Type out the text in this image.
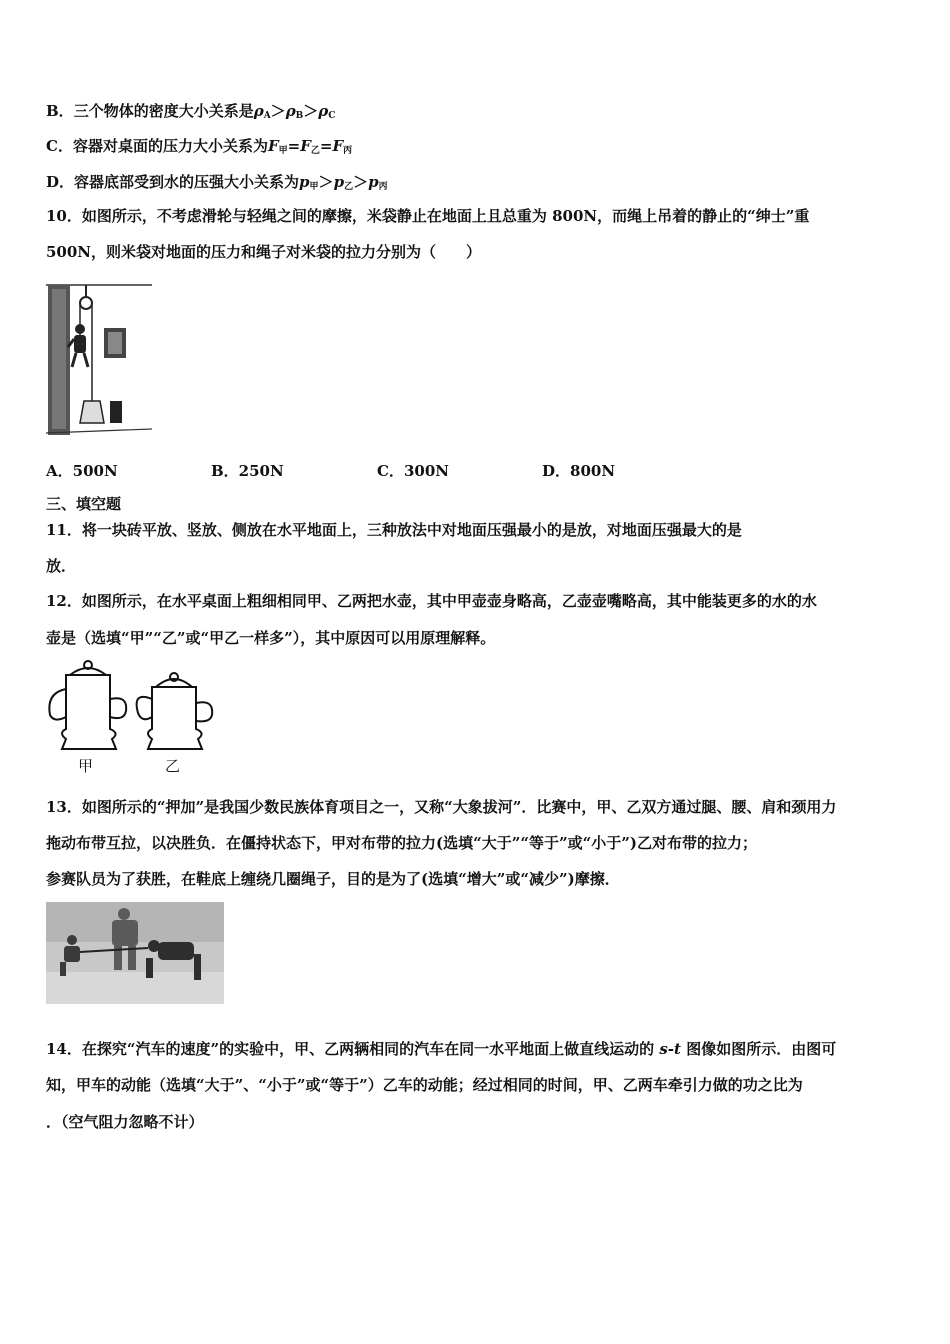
B．三个物体的密度大小关系是$\rho_A>\rho_B>\rho_C$
C．容器对桌面的压力大小关系为$F_甲=F_乙=F_丙$
D．容器底部受到水的压强大小关系为$p_甲>p_乙>p_丙$
10．如图所示，不考虑滑轮与轻绳之间的摩擦，米袋静止在地面上且总重为 800N，而绳上吊着的静止的“绅士”重
500N，则米袋对地面的压力和绳子对米袋的拉力分别为（　　）
A．500N	B．250N	C．300N	D．800N
三、填空题
11．将一块砖平放、竖放、侧放在水平地面上，三种放法中对地面压强最小的是放，对地面压强最大的是
放．
12．如图所示，在水平桌面上粗细相同甲、乙两把水壶，其中甲壶壶身略高，乙壶壶嘴略高，其中能装更多的水的水
壶是（选填“甲”“乙”或“甲乙一样多”），其中原因可以用原理解释。
甲	乙
13．如图所示的“押加”是我国少数民族体育项目之一，又称“大象拔河”．比赛中，甲、乙双方通过腿、腰、肩和颈用力
拖动布带互拉，以决胜负．在僵持状态下，甲对布带的拉力(选填“大于”“等于”或“小于”)乙对布带的拉力；
参赛队员为了获胜，在鞋底上缠绕几圈绳子，目的是为了(选填“增大”或“减少”)摩擦．
14．在探究“汽车的速度”的实验中，甲、乙两辆相同的汽车在同一水平地面上做直线运动的 s-t 图像如图所示．由图可
知，甲车的动能（选填“大于”、“小于”或“等于”）乙车的动能；经过相同的时间，甲、乙两车牵引力做的功之比为
．（空气阻力忽略不计）
